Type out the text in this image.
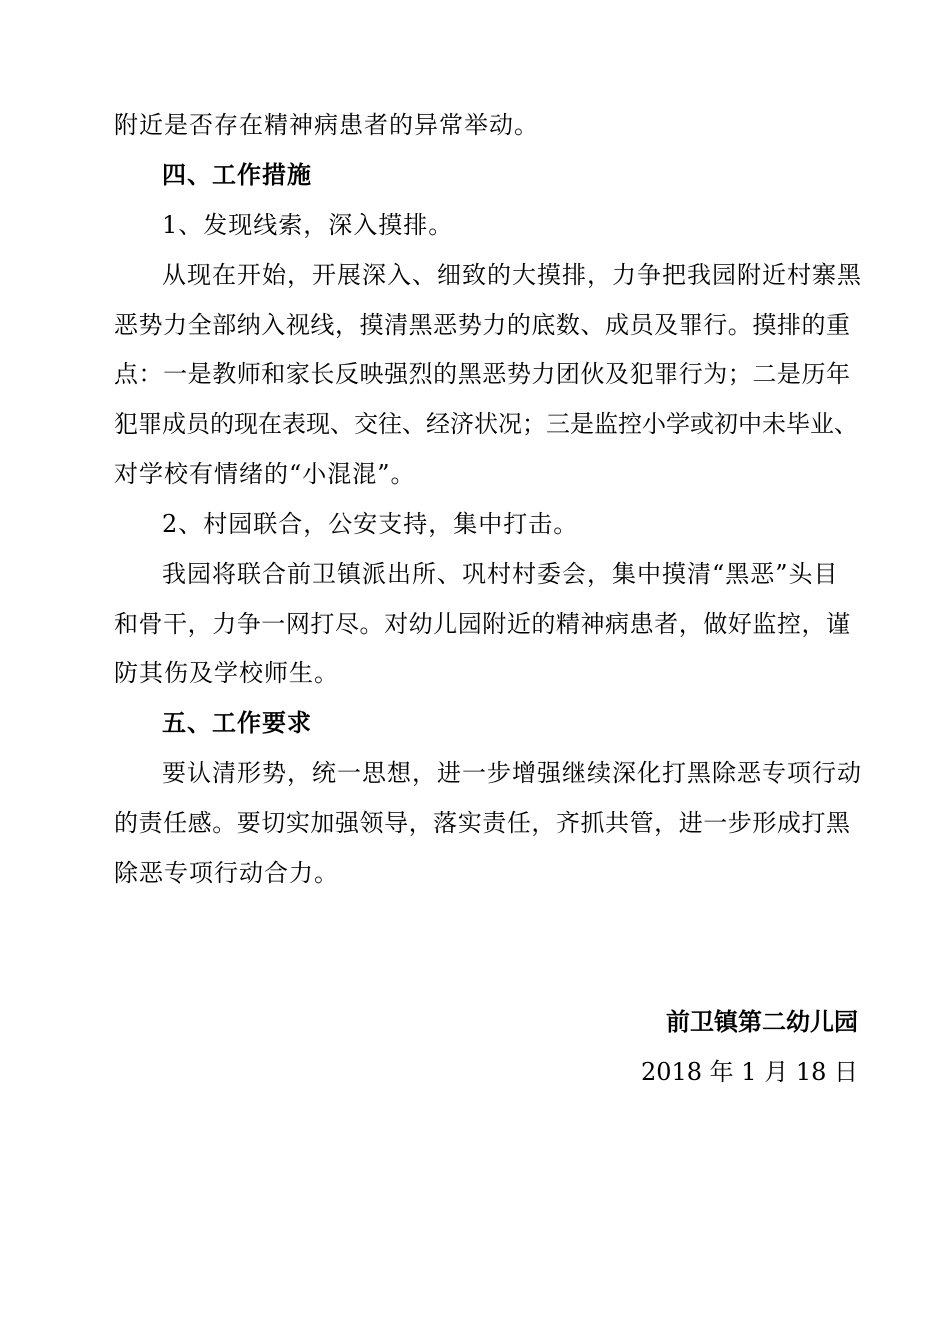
附近是否存在精神病患者的异常举动。
四、工作措施
1、发现线索，深入摸排。
从现在开始，开展深入、细致的大摸排，力争把我园附近村寨黑
恶势力全部纳入视线，摸清黑恶势力的底数、成员及罪行。摸排的重
点：一是教师和家长反映强烈的黑恶势力团伙及犯罪行为；二是历年
犯罪成员的现在表现、交往、经济状况；三是监控小学或初中未毕业、
对学校有情绪的“小混混”。
2、村园联合，公安支持，集中打击。
我园将联合前卫镇派出所、巩村村委会，集中摸清“黑恶”头目
和骨干，力争一网打尽。对幼儿园附近的精神病患者，做好监控，谨
防其伤及学校师生。
五、工作要求
要认清形势，统一思想，进一步增强继续深化打黑除恶专项行动
的责任感。要切实加强领导，落实责任，齐抓共管，进一步形成打黑
除恶专项行动合力。
前卫镇第二幼儿园
2018 年 1 月 18 日
